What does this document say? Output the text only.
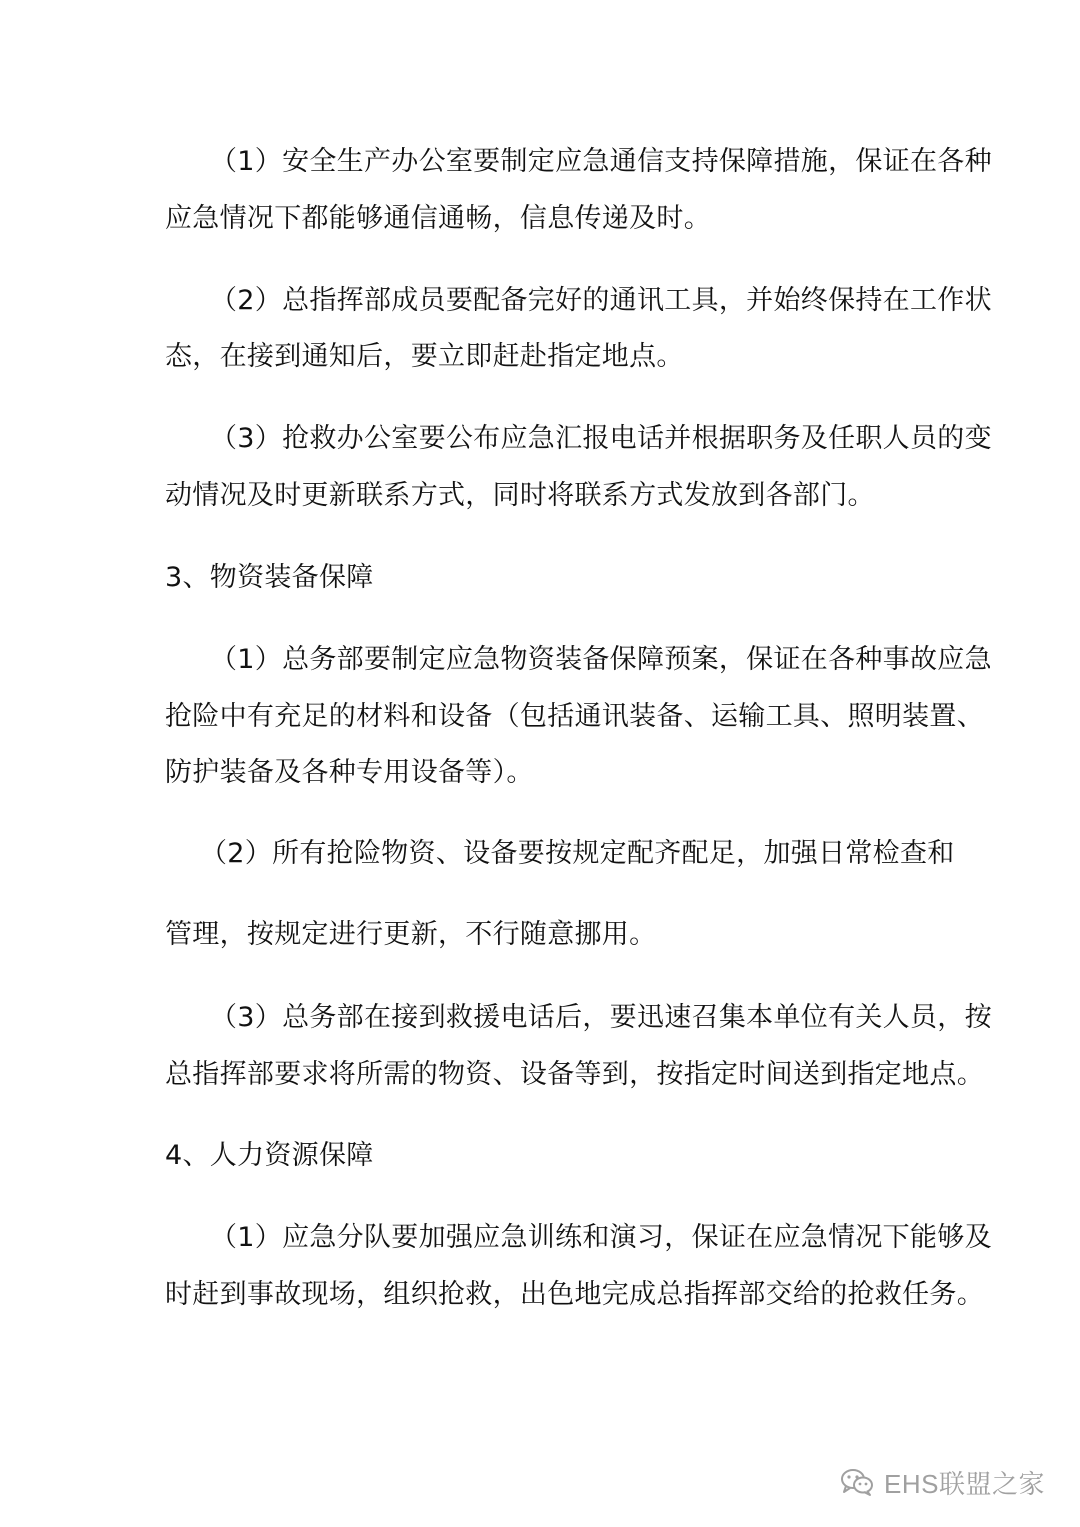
（1）安全生产办公室要制定应急通信支持保障措施，保证在各种
应急情况下都能够通信通畅，信息传递及时。
（2）总指挥部成员要配备完好的通讯工具，并始终保持在工作状
态，在接到通知后，要立即赶赴指定地点。
（3）抢救办公室要公布应急汇报电话并根据职务及任职人员的变
动情况及时更新联系方式，同时将联系方式发放到各部门。
3、物资装备保障
（1）总务部要制定应急物资装备保障预案，保证在各种事故应急
抢险中有充足的材料和设备（包括通讯装备、运输工具、照明装置、
防护装备及各种专用设备等）。
（2）所有抢险物资、设备要按规定配齐配足，加强日常检查和
管理，按规定进行更新，不行随意挪用。
（3）总务部在接到救援电话后，要迅速召集本单位有关人员，按
总指挥部要求将所需的物资、设备等到，按指定时间送到指定地点。
4、人力资源保障
（1）应急分队要加强应急训练和演习，保证在应急情况下能够及
时赶到事故现场，组织抢救，出色地完成总指挥部交给的抢救任务。
EHS联盟之家
